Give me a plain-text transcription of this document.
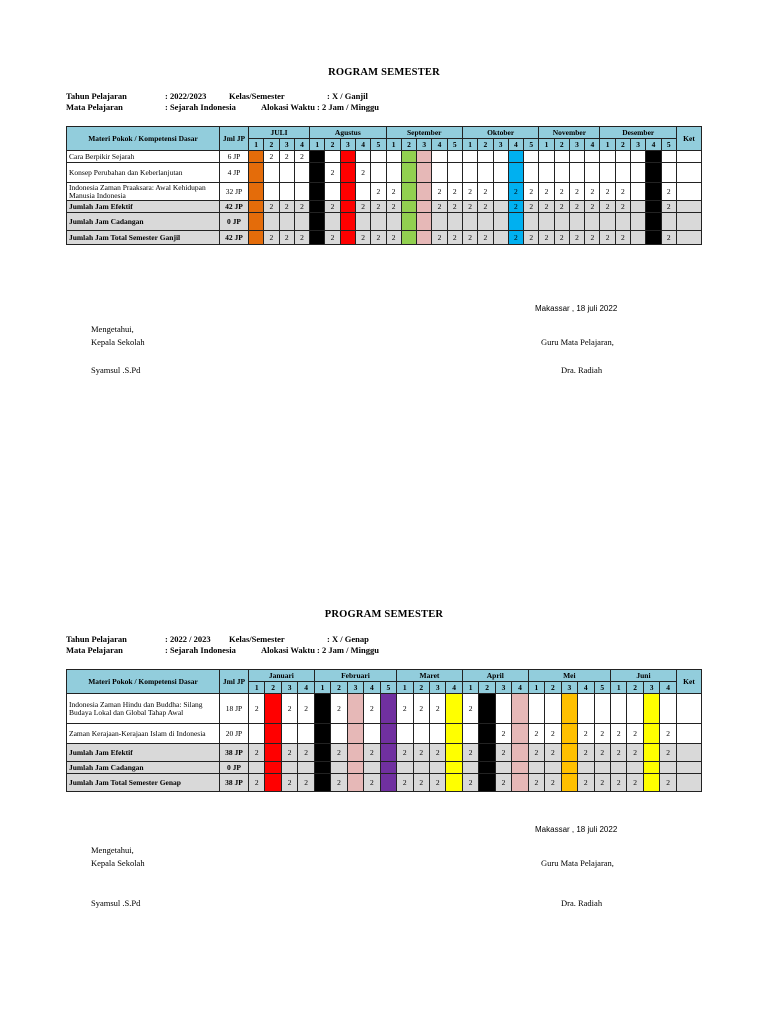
ROGRAM SEMESTER
Tahun Pelajaran	: 2022/2023	Kelas/Semester	: X / Ganjil
Mata Pelajaran	: Sejarah Indonesia	Alokasi Waktu : 2 Jam / Minggu
Materi Pokok / Kompetensi Dasar	Jml JP	JULI				Agustus					September					Oktober					November				Desember					Ket
		1	2	3	4	1	2	3	4	5	1	2	3	4	5	1	2	3	4	5	1	2	3	4	1	2	3	4	5	
Cara Berpikir Sejarah	6 JP		2	2	2																									
Konsep Perubahan dan Keberlanjutan	4 JP						2		2																					
Indonesia Zaman Praaksara: Awal Kehidupan Manusia Indonesia	32 JP									2	2			2	2	2	2		2	2	2	2	2	2	2	2			2	
Jumlah Jam Efektif	42 JP		2	2	2		2		2	2	2			2	2	2	2		2	2	2	2	2	2	2	2			2	
Jumlah Jam Cadangan	0 JP																													
Jumlah Jam Total Semester Ganjil	42 JP		2	2	2		2		2	2	2			2	2	2	2		2	2	2	2	2	2	2	2			2	
Makassar , 18 juli 2022
Mengetahui,
Kepala Sekolah	Guru Mata Pelajaran,
Syamsul .S.Pd	Dra. Radiah
PROGRAM SEMESTER
Tahun Pelajaran	: 2022 / 2023 Kelas/Semester	: X / Genap
Mata Pelajaran	: Sejarah Indonesia	Alokasi Waktu : 2 Jam / Minggu
Materi Pokok / Kompetensi Dasar	Jml JP	Januari				Februari					Maret				April				Mei					Juni				Ket
		1	2	3	4	1	2	3	4	5	1	2	3	4	1	2	3	4	1	2	3	4	5	1	2	3	4	
Indonesia Zaman Hindu dan Buddha: Silang Budaya Lokal dan Global Tahap Awal	18 JP	2		2	2		2		2		2	2	2		2													
Zaman Kerajaan-Kerajaan Islam di Indonesia	20 JP																2		2	2		2	2	2	2		2	
Jumlah Jam Efektif	38 JP	2		2	2		2		2		2	2	2		2		2		2	2		2	2	2	2		2	
Jumlah Jam Cadangan	0 JP																											
Jumlah Jam Total Semester Genap	38 JP	2		2	2		2		2		2	2	2		2		2		2	2		2	2	2	2		2	
Makassar , 18 juli 2022
Mengetahui,
Kepala Sekolah	Guru Mata Pelajaran,
Syamsul .S.Pd	Dra. Radiah
